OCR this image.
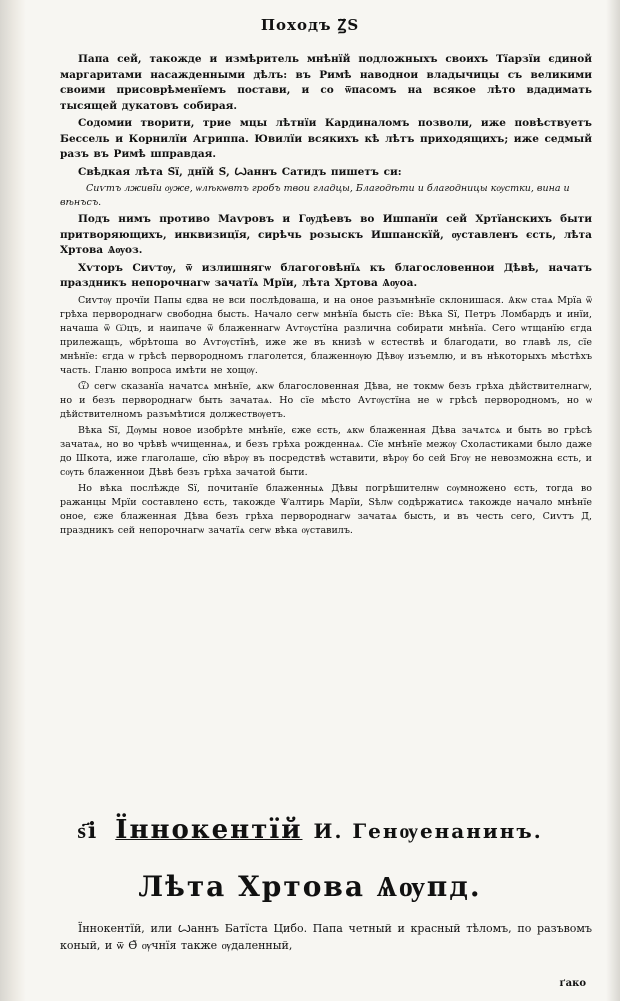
Походъ Ꙁ̃Ѕ

Папа сей, такожде и измѣритель мнѣнїй подложныхъ своихъ Тїарзїи єдиной маргаритами насажденными дѣлъ: въ Римѣ наводнои владычицы съ великими своими присоврѣменїемъ постави, и со ѿпасомъ на всякое лѣто вдадимать тысящей дукатовъ собирая.

Содомии творити, трие мцы лѣтнїи Кардиналомъ позволи, иже повѣствуетъ Бессель и Корнилїи Агриппа. Ювилїи всякихъ кѣ лѣтъ приходящихъ; иже седмый разъ въ Римѣ шправдая.

Свѣдкая лѣта Ѕ̃ї, днїй Ѕ̃, Ꙍаннъ Сатидъ пишетъ си:

Сиѵтъ лживїи ѹже, ѡлѣкѡвтъ гробъ твои гладцы, Благодѣти и благодницы кѹстки, вина и вѣнъсъ.

Подъ нимъ противо Маѵровъ и Гѹдѣевъ во Ишпанїи сей Хртїанскихъ быти притворяющихъ, инквизицїя, сирѣчь розыскъ Ишпанскїй, ѹставленъ єсть, лѣта Хртова Ѧѹоз.

Хѵторъ Сиѵтѹ, ѿ излишнягѡ благоговѣнїѧ къ благословеннои Дѣвѣ, начатъ праздникъ непорочнагѡ зачатїѧ Мрїи, лѣта Хртова Ѧѹоа.

Сиѵтѹ прочїи Папы єдва не вси послѣдоваша, и на оное разъмнѣнїе склонишася. Ѧкѡ стаѧ Мрїа ѿ грѣха первороднагѡ свободна бысть. Начало сегѡ мнѣнїа бысть сїе: Вѣка Ѕ̃ї, Петръ Ломбардъ и инїи, начаша ѿ Ѡцъ, и наипаче ѿ блаженнагѡ Аѵгѹстїна различна собирати мнѣнїа. Сего ѡтщанїю єгда прилежащъ, ѡбрѣтоша во Аѵгѹстїнѣ, иже же въ книзѣ ѡ єстествѣ и благодати, во главѣ лѕ, сїе мнѣнїе: єгда ѡ грѣсѣ первородномъ глаголется, блаженнѹю Дѣвѹ изъемлю, и въ нѣкоторыхъ мѣстѣхъ часть. Гланю вопроса имѣти не хощѹ.

Ѿ сегѡ сказанїа начатсѧ мнѣнїе, ѧкѡ благословенная Дѣва, не токмѡ безъ грѣха дѣйствителнагѡ, но и безъ первороднагѡ быть зачатаѧ. Но сїе мѣсто Аѵгѹстїна не ѡ грѣсѣ первородномъ, но ѡ дѣйствителномъ разъмѣтися должествѹетъ.

Вѣка Ѕ̃ї, Дѹмы новое изобрѣте мнѣнїе, єже єсть, ѧкѡ блаженная Дѣва зачѧтсѧ и быть во грѣсѣ зачатаѧ, но во чрѣвѣ ѡчищеннаѧ, и безъ грѣха рожденнаѧ. Сїе мнѣнїе межѹ Схоластиками было даже до Шкота, иже глаголаше, сїю вѣрѹ въ посредствѣ ѡставити, вѣрѹ бо сей Бгѹ не невозможна єсть, и сѹть блаженнои Дѣвѣ безъ грѣха зачатой быти.

Но вѣка послѣжде Ѕ̃ї, почитанїе блаженныѧ Дѣвы погрѣшителнѡ сѹмножено єсть, тогда во ражанцы Мрїи составлено єсть, такожде Ѱалтирь Марїи, Ѕѣлѡ содѣржатисѧ такожде начало мнѣнїе оное, єже блаженная Дѣва безъ грѣха первороднагѡ зачатаѧ бысть, и въ честь сего, Сиѵтъ Д̃, праздникъ сей непорочнагѡ зачатїѧ сегѡ вѣка ѹставилъ.

ѕ҃і Їннокентїй И. Генѹенанинъ.
Лѣта Хртова Ѧѹпд.

Їннокентїй, или Ꙍаннъ Батїста Цибо. Папа четный и красный тѣломъ, по разъвомъ коный, и ѿ Ѳ̃ ѹчнїя также ѹдаленный,

ґако
